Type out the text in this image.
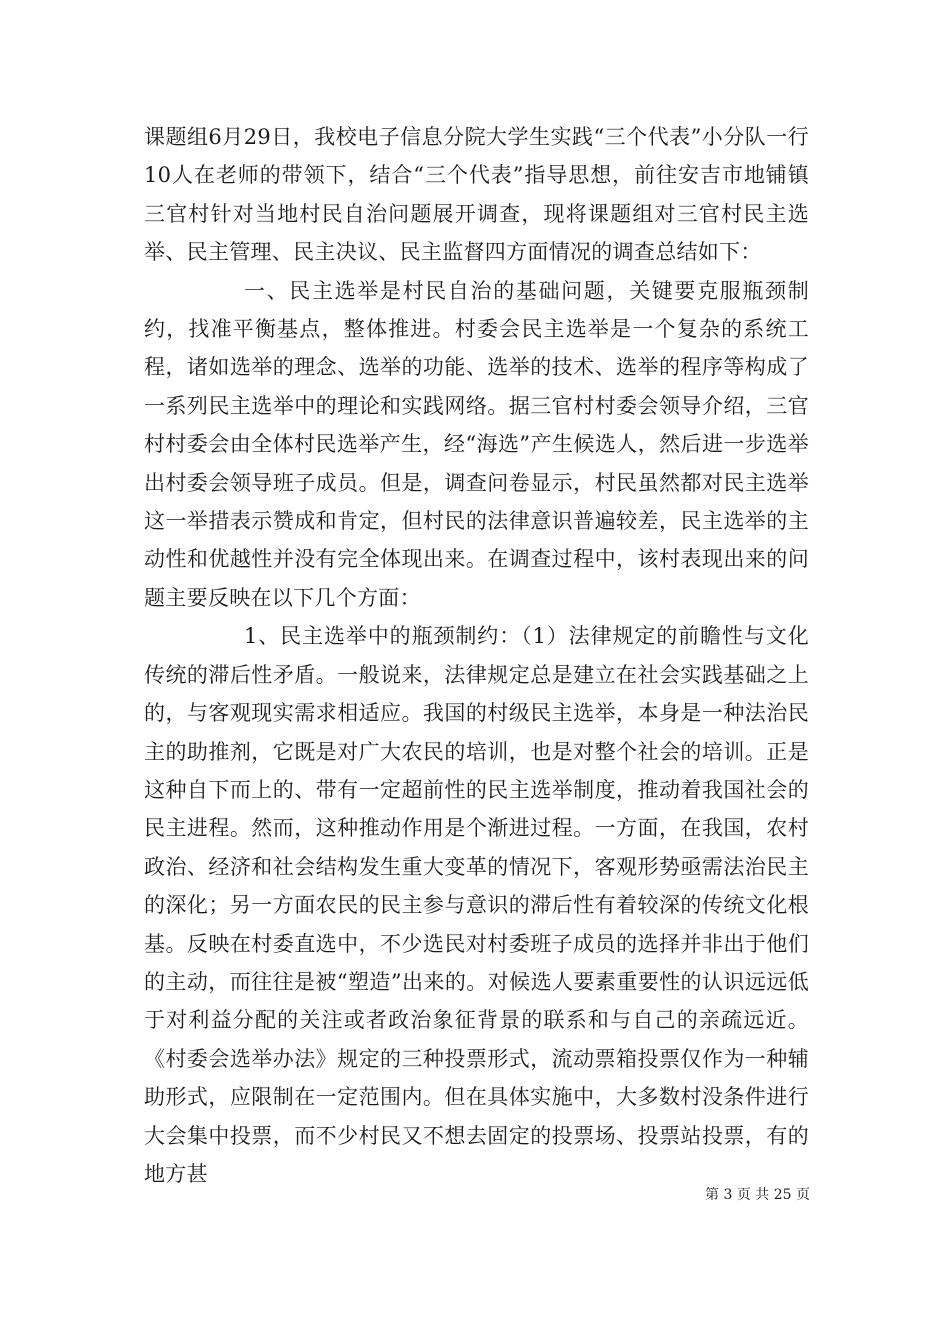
课题组6月29日，我校电子信息分院大学生实践“三个代表”小分队一行10人在老师的带领下，结合“三个代表”指导思想，前往安吉市地铺镇三官村针对当地村民自治问题展开调查，现将课题组对三官村民主选举、民主管理、民主决议、民主监督四方面情况的调查总结如下：

一、民主选举是村民自治的基础问题，关键要克服瓶颈制约，找准平衡基点，整体推进。村委会民主选举是一个复杂的系统工程，诸如选举的理念、选举的功能、选举的技术、选举的程序等构成了一系列民主选举中的理论和实践网络。据三官村村委会领导介绍，三官村村委会由全体村民选举产生，经“海选”产生候选人，然后进一步选举出村委会领导班子成员。但是，调查问卷显示，村民虽然都对民主选举这一举措表示赞成和肯定，但村民的法律意识普遍较差，民主选举的主动性和优越性并没有完全体现出来。在调查过程中，该村表现出来的问题主要反映在以下几个方面：

1、民主选举中的瓶颈制约：（1）法律规定的前瞻性与文化传统的滞后性矛盾。一般说来，法律规定总是建立在社会实践基础之上的，与客观现实需求相适应。我国的村级民主选举，本身是一种法治民主的助推剂，它既是对广大农民的培训，也是对整个社会的培训。正是这种自下而上的、带有一定超前性的民主选举制度，推动着我国社会的民主进程。然而，这种推动作用是个渐进过程。一方面，在我国，农村政治、经济和社会结构发生重大变革的情况下，客观形势亟需法治民主的深化；另一方面农民的民主参与意识的滞后性有着较深的传统文化根基。反映在村委直选中，不少选民对村委班子成员的选择并非出于他们的主动，而往往是被“塑造”出来的。对候选人要素重要性的认识远远低于对利益分配的关注或者政治象征背景的联系和与自己的亲疏远近。《村委会选举办法》规定的三种投票形式，流动票箱投票仅作为一种辅助形式，应限制在一定范围内。但在具体实施中，大多数村没条件进行大会集中投票，而不少村民又不想去固定的投票场、投票站投票，有的地方甚

第 3 页 共 25 页
